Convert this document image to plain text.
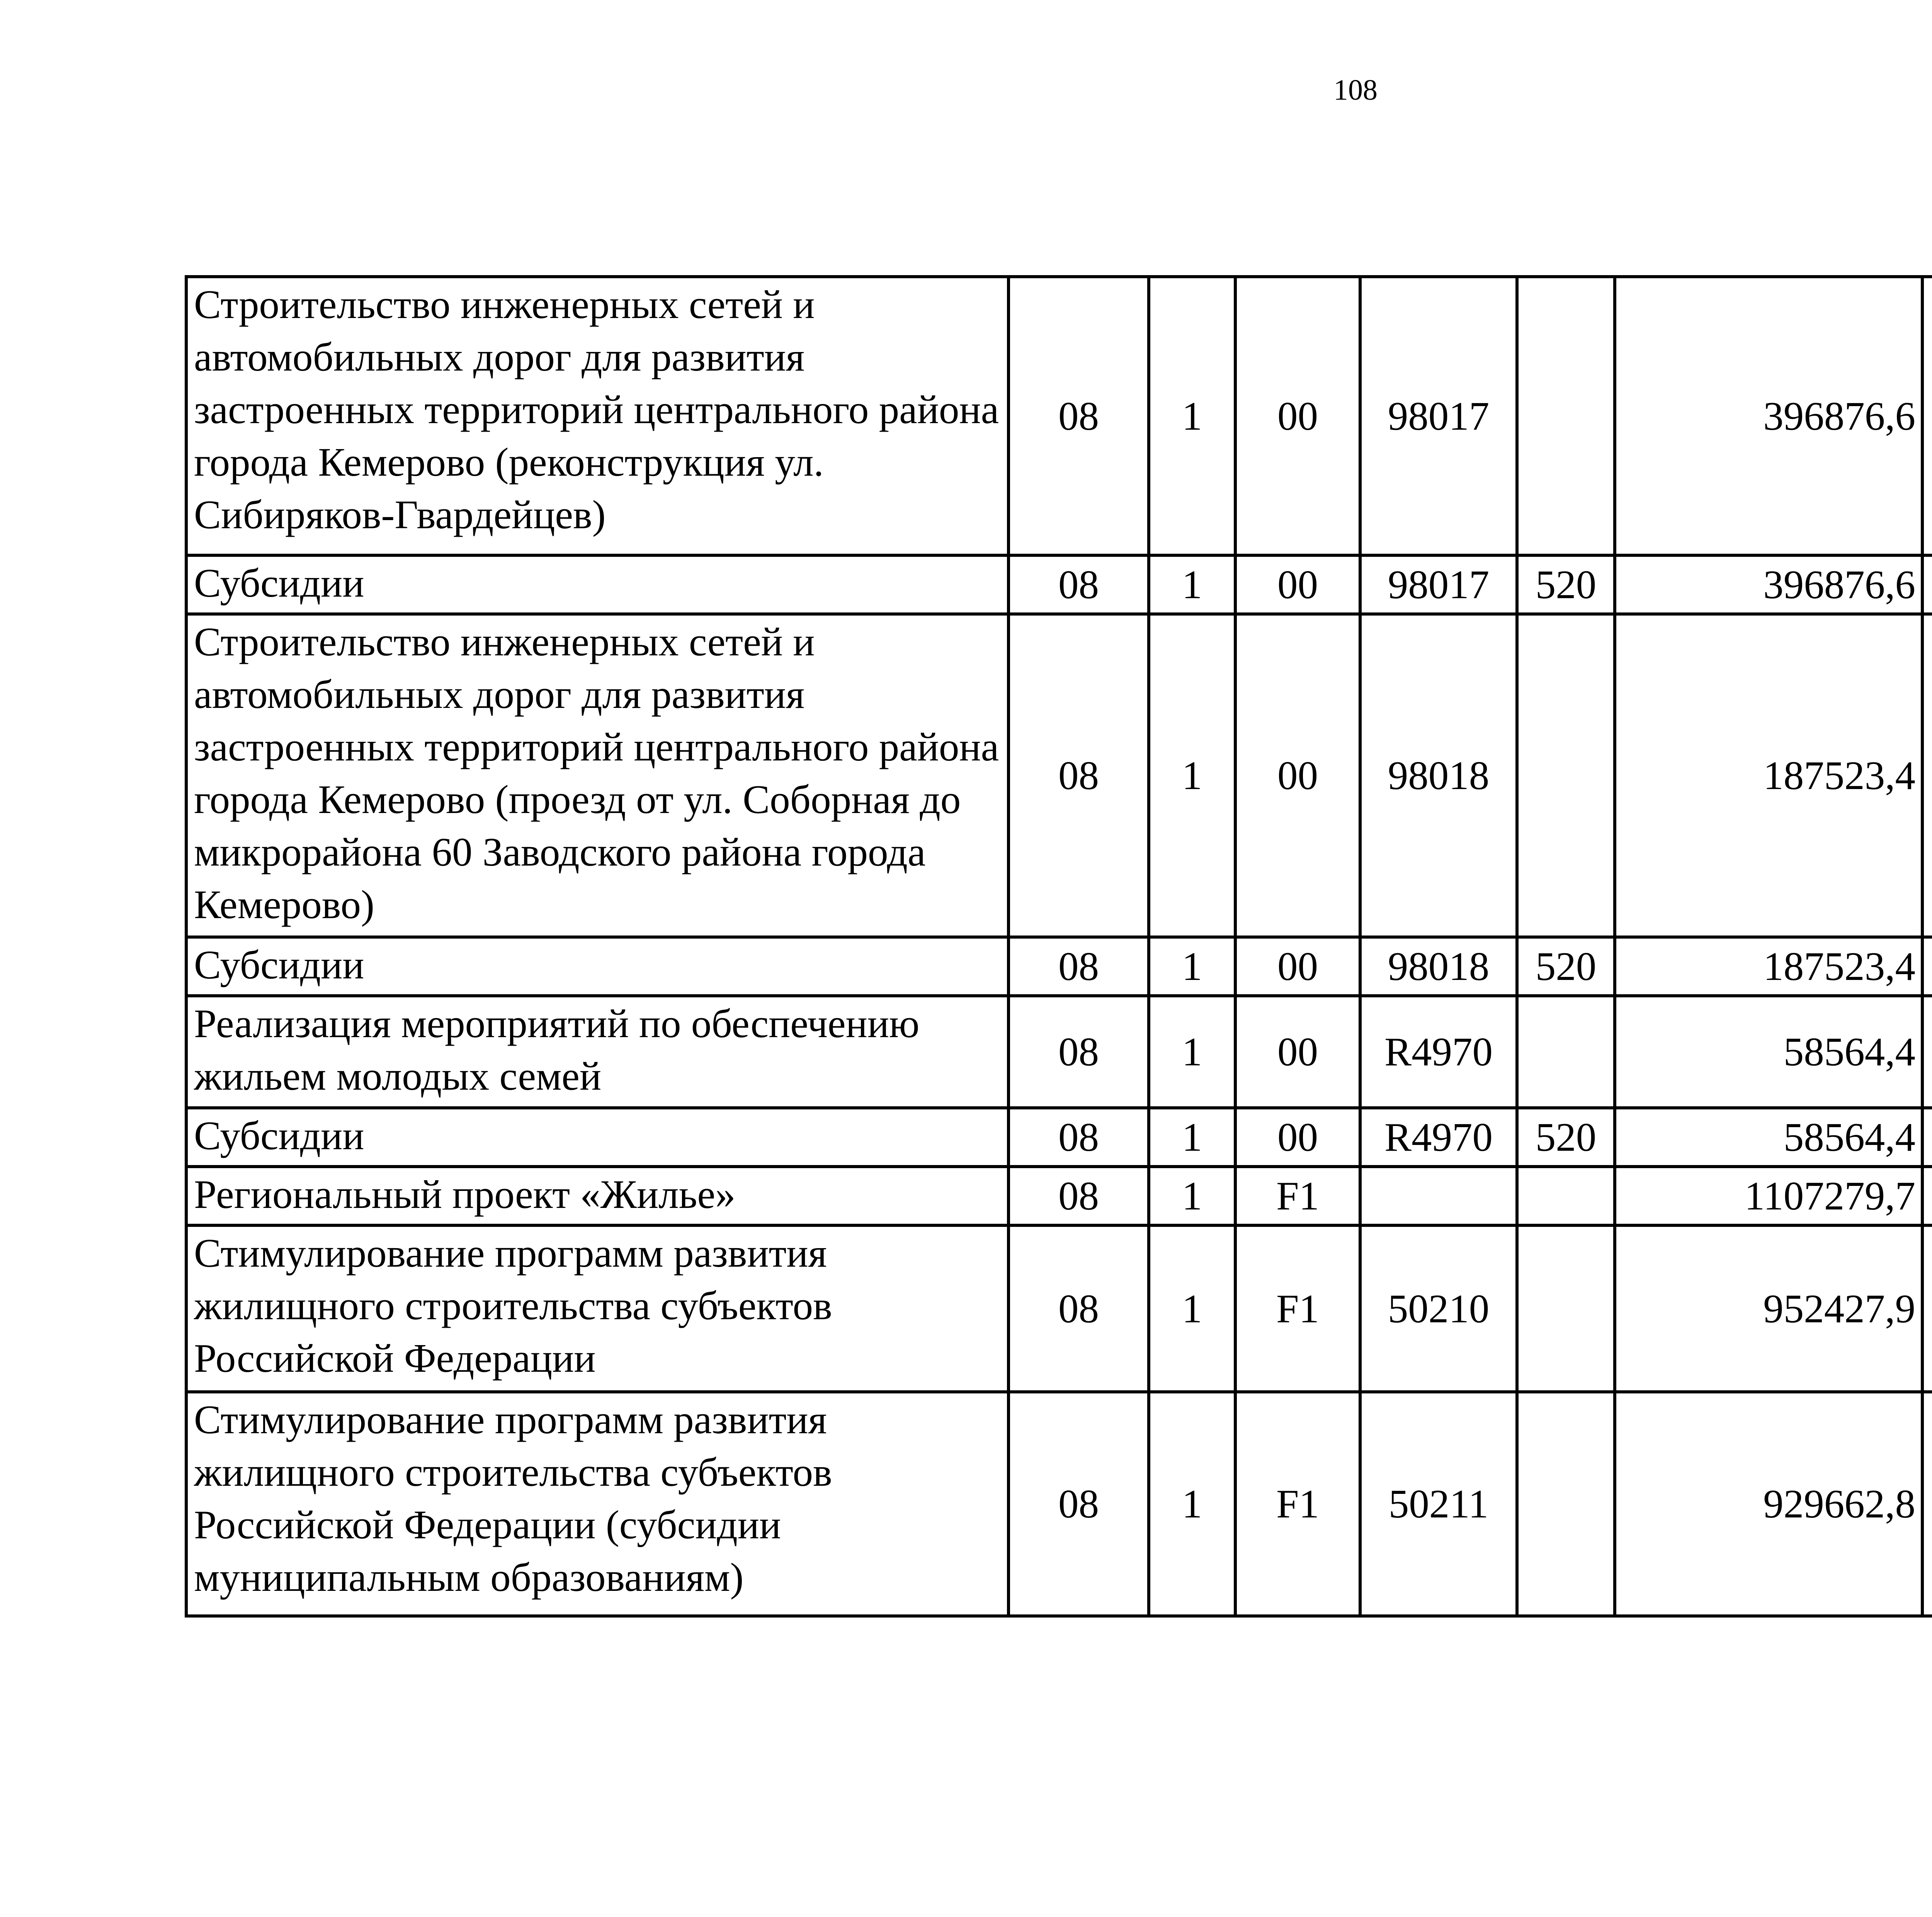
108
Строительство инженерных сетей и автомобильных дорог для развития застроенных территорий центрального района города Кемерово (реконструкция ул. Сибиряков-Гвардейцев)	08	1	00	98017		396876,6		
Субсидии	08	1	00	98017	520	396876,6		
Строительство инженерных сетей и автомобильных дорог для развития застроенных территорий центрального района города Кемерово (проезд от ул. Соборная до микрорайона 60 Заводского района города Кемерово)	08	1	00	98018		187523,4		
Субсидии	08	1	00	98018	520	187523,4		
Реализация мероприятий по обеспечению жильем молодых семей	08	1	00	R4970		58564,4		
Субсидии	08	1	00	R4970	520	58564,4		
Региональный проект «Жилье»	08	1	F1			1107279,7		
Стимулирование программ развития жилищного строительства субъектов Российской Федерации	08	1	F1	50210		952427,9		
Стимулирование программ развития жилищного строительства субъектов Российской Федерации (субсидии муниципальным образованиям)	08	1	F1	50211		929662,8		
